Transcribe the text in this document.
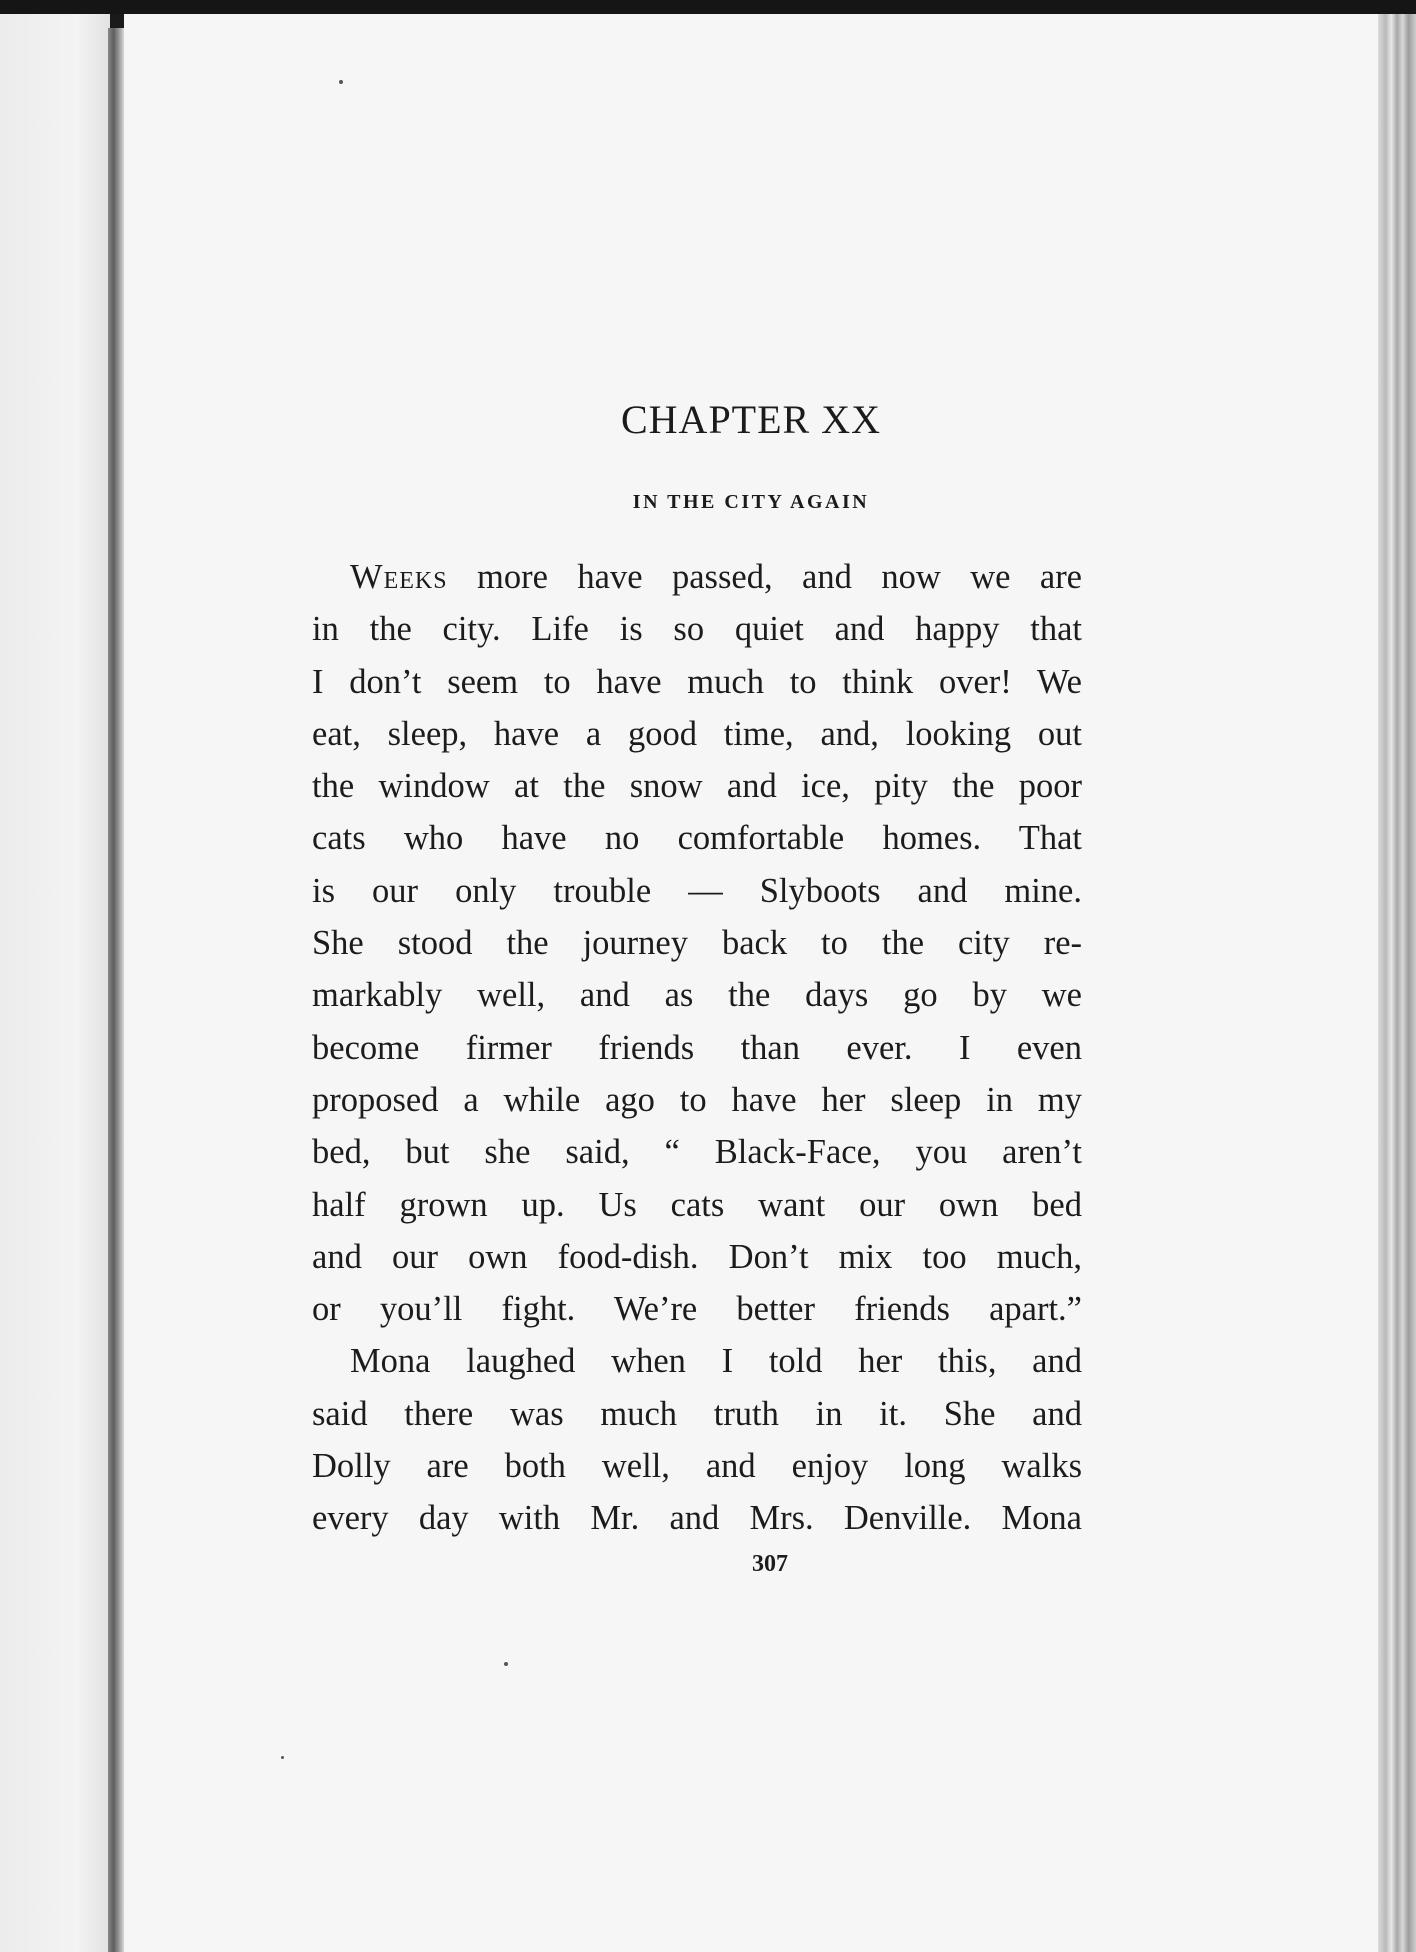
CHAPTER XX
IN THE CITY AGAIN
Weeks more have passed, and now we are
in the city. Life is so quiet and happy that
I don’t seem to have much to think over! We
eat, sleep, have a good time, and, looking out
the window at the snow and ice, pity the poor
cats who have no comfortable homes. That
is our only trouble — Slyboots and mine.
She stood the journey back to the city re-
markably well, and as the days go by we
become firmer friends than ever. I even
proposed a while ago to have her sleep in my
bed, but she said, “ Black-Face, you aren’t
half grown up. Us cats want our own bed
and our own food-dish. Don’t mix too much,
or you’ll fight. We’re better friends apart.”
Mona laughed when I told her this, and
said there was much truth in it. She and
Dolly are both well, and enjoy long walks
every day with Mr. and Mrs. Denville. Mona
307
